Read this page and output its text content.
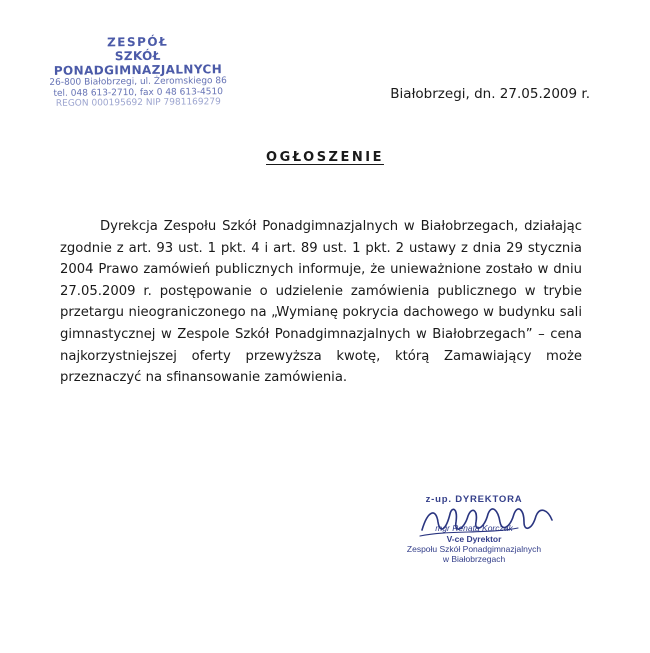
ZESPÓŁ
SZKÓŁ PONADGIMNAZJALNYCH
26-800 Białobrzegi, ul. Żeromskiego 86
tel. 048 613-2710, fax 0 48 613-4510
REGON 000195692 NIP 7981169279
Białobrzegi, dn. 27.05.2009 r.
OGŁOSZENIE

Dyrekcja Zespołu Szkół Ponadgimnazjalnych w Białobrzegach, działając zgodnie z art. 93 ust. 1 pkt. 4 i art. 89 ust. 1 pkt. 2 ustawy z dnia 29 stycznia 2004 Prawo zamówień publicznych informuje, że unieważnione zostało w dniu 27.05.2009 r. postępowanie o udzielenie zamówienia publicznego w trybie przetargu nieograniczonego na „Wymianę pokrycia dachowego w budynku sali gimnastycznej w Zespole Szkół Ponadgimnazjalnych w Białobrzegach” – cena najkorzystniejszej oferty przewyższa kwotę, którą Zamawiający może przeznaczyć na sfinansowanie zamówienia.

z-up. DYREKTORA
mgr Renata Korczak
V-ce Dyrektor
Zespołu Szkół Ponadgimnazjalnych
w Białobrzegach
